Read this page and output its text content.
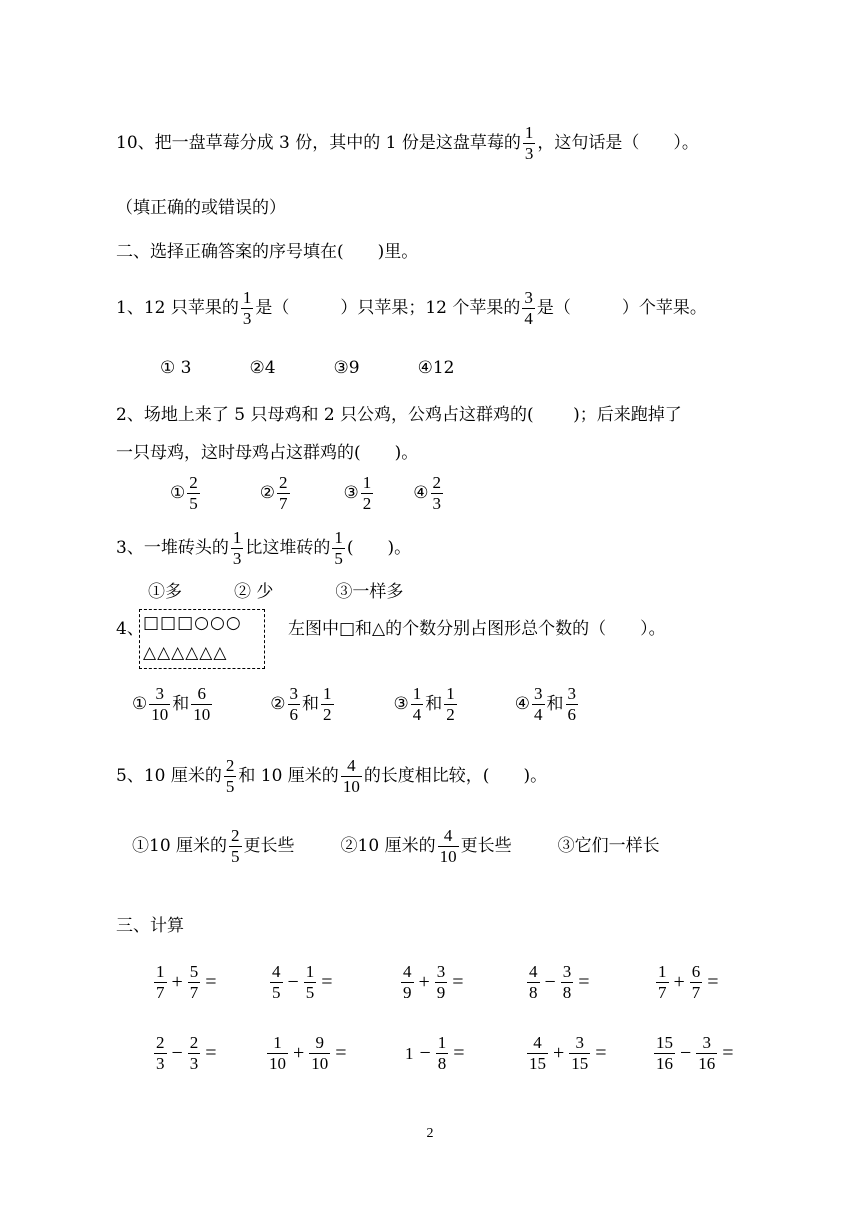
10、把一盘草莓分成 3 份，其中的 1 份是这盘草莓的 $\frac{1}{3}$ ，这句话是（　　）。
（填正确的或错误的）
二、选择正确答案的序号填在(　　)里。
1、12 只苹果的 $\frac{1}{3}$ 是（　　　）只苹果；12 个苹果的 $\frac{3}{4}$ 是（　　　）个苹果。
① 3	②4	③9	④12
2、场地上来了 5 只母鸡和 2 只公鸡，公鸡占这群鸡的(　　 )；后来跑掉了
一只母鸡，这时母鸡占这群鸡的(　　)。
① $\frac{2}{5}$	② $\frac{2}{7}$	③ $\frac{1}{2}$ ④ $\frac{2}{3}$
3、一堆砖头的 $\frac{1}{3}$ 比这堆砖的 $\frac{1}{5}$ (　　)。
①多	② 少	③一样多
4、 □□□○○○
△△△△△△
左图中□和△的个数分别占图形总个数的（　　）。
① $\frac{3}{10}$ 和 $\frac{6}{10}$	② $\frac{3}{6}$ 和 $\frac{1}{2}$	③ $\frac{1}{4}$ 和 $\frac{1}{2}$	④ $\frac{3}{4}$ 和 $\frac{3}{6}$
5、10 厘米的 $\frac{2}{5}$ 和 10 厘米的 $\frac{4}{10}$ 的长度相比较，(　　)。
①10 厘米的 $\frac{2}{5}$ 更长些	②10 厘米的 $\frac{4}{10}$ 更长些	③它们一样长
三、计算
$\frac{1}{7} + \frac{5}{7}$ =	$\frac{4}{5} - \frac{1}{5}$ =	$\frac{4}{9} + \frac{3}{9}$ =	$\frac{4}{8} - \frac{3}{8}$ =	$\frac{1}{7} + \frac{6}{7}$ =
$\frac{2}{3} - \frac{2}{3}$ =	$\frac{1}{10} + \frac{9}{10}$ =	$1 - \frac{1}{8}$ =	$\frac{4}{15} + \frac{3}{15}$ =	$\frac{15}{16} - \frac{3}{16}$ =
2
